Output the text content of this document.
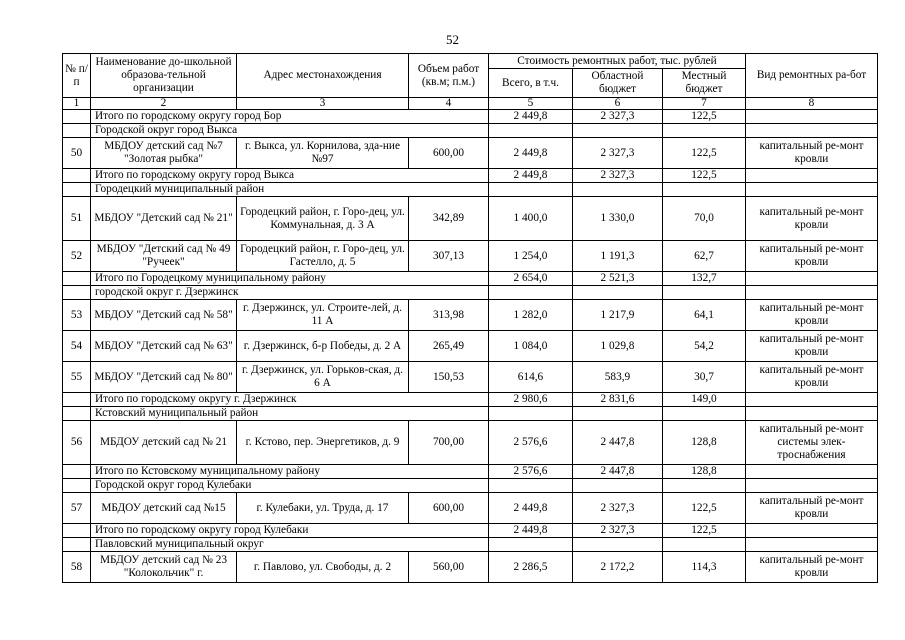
52
№ п/п	Наименование до-школьной образова-тельной организации	Адрес местонахождения	Объем работ (кв.м; п.м.)	Стоимость ремонтных работ, тыс. рублей			Вид ремонтных ра-бот
				Всего, в т.ч.	Областной бюджет	Местный бюджет	
1	2	3	4	5	6	7	8
	Итого по городскому округу город Бор			2 449,8	2 327,3	122,5	
	Городской округ город Выкса						
50	МБДОУ детский сад №7 "Золотая рыбка"	г. Выкса, ул. Корнилова, зда-ние №97	600,00	2 449,8	2 327,3	122,5	капитальный ре-монт кровли
	Итого по городскому округу город Выкса			2 449,8	2 327,3	122,5	
	Городецкий муниципальный район						
51	МБДОУ "Детский сад № 21"	Городецкий район, г. Горо-дец, ул. Коммунальная, д. 3 А	342,89	1 400,0	1 330,0	70,0	капитальный ре-монт кровли
52	МБДОУ "Детский сад № 49 "Ручеек"	Городецкий район, г. Горо-дец, ул. Гастелло, д. 5	307,13	1 254,0	1 191,3	62,7	капитальный ре-монт кровли
	Итого по Городецкому муниципальному району			2 654,0	2 521,3	132,7	
	городской округ г. Дзержинск						
53	МБДОУ "Детский сад № 58"	г. Дзержинск, ул. Строите-лей, д. 11 А	313,98	1 282,0	1 217,9	64,1	капитальный ре-монт кровли
54	МБДОУ "Детский сад № 63"	г. Дзержинск, б-р Победы, д. 2 А	265,49	1 084,0	1 029,8	54,2	капитальный ре-монт кровли
55	МБДОУ "Детский сад № 80"	г. Дзержинск, ул. Горьков-ская, д. 6 А	150,53	614,6	583,9	30,7	капитальный ре-монт кровли
	Итого по городскому округу г. Дзержинск			2 980,6	2 831,6	149,0	
	Кстовский муниципальный район						
56	МБДОУ детский сад № 21	г. Кстово, пер. Энергетиков, д. 9	700,00	2 576,6	2 447,8	128,8	капитальный ре-монт системы элек-троснабжения
	Итого по Кстовскому муниципальному району			2 576,6	2 447,8	128,8	
	Городской округ город Кулебаки						
57	МБДОУ детский сад №15	г. Кулебаки, ул. Труда, д. 17	600,00	2 449,8	2 327,3	122,5	капитальный ре-монт кровли
	Итого по городскому округу город Кулебаки			2 449,8	2 327,3	122,5	
	Павловский муниципальный округ						
58	МБДОУ детский сад № 23 "Колокольчик" г.	г. Павлово, ул. Свободы, д. 2	560,00	2 286,5	2 172,2	114,3	капитальный ре-монт кровли
